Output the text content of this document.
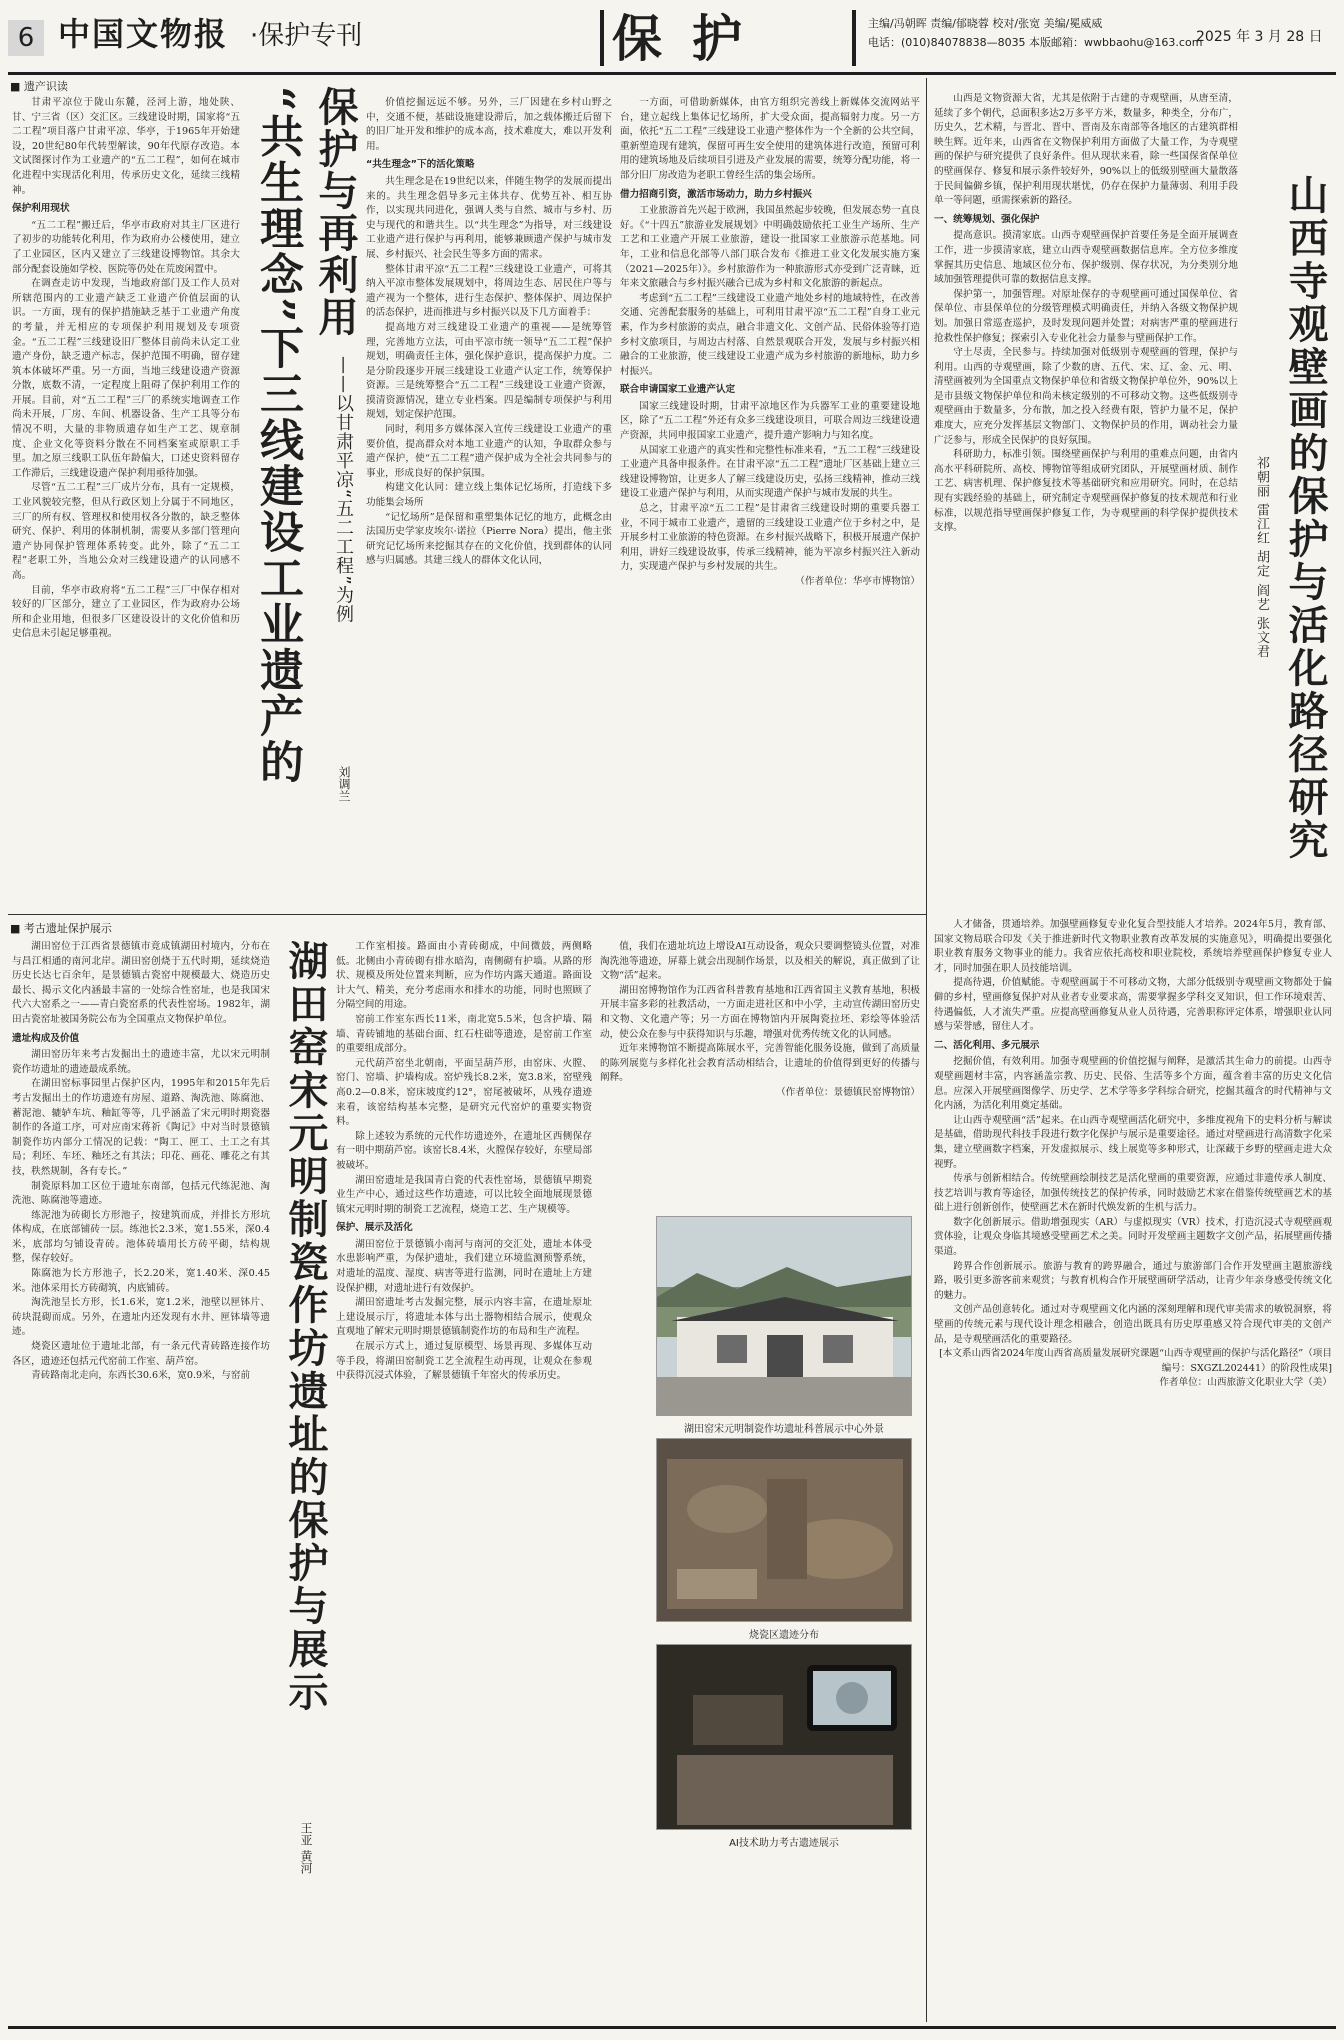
6 中国文物报 ·保护专刊	保护	主编/冯朝晖 责编/郁晓蓉 校对/张宽 美编/冕威威
电话：(010)84078838—8035 本版邮箱：wwbbaohu@163.com
2025 年 3 月 28 日
■ 遗产识读

甘肃平凉位于陇山东麓，泾河上游，地处陕、甘、宁三省（区）交汇区。三线建设时期，国家将“五二工程”项目落户甘肃平凉、华亭，于1965年开始建设，20世纪80年代转型解读，90年代原存改造。本文试图探讨作为工业遗产的“五二工程”，如何在城市化进程中实现活化利用，传承历史文化，延续三线精神。

保护利用现状

“五二工程”搬迁后，华亭市政府对其主厂区进行了初步的功能转化利用，作为政府办公楼使用，建立了工业园区，区内又建立了三线建设博物馆。其余大部分配套设施如学校、医院等仍处在荒废闲置中。

在调查走访中发现，当地政府部门及工作人员对所辖范围内的工业遗产缺乏工业遗产价值层面的认识。一方面，现有的保护措施缺乏基于工业遗产角度的考量，并无相应的专项保护利用规划及专项资金。“五二工程”三线建设旧厂整体目前尚未认定工业遗产身份，缺乏遗产标志，保护范围不明确，留存建筑本体破坏严重。另一方面，当地三线建设遗产资源分散，底数不清，一定程度上阻碍了保护利用工作的开展。目前，对“五二工程”三厂的系统实地调查工作尚未开展，厂房、车间、机器设备、生产工具等分布情况不明，大量的非物质遗存如生产工艺、规章制度、企业文化等资料分散在不同档案室或原职工手里。加之原三线职工队伍年龄偏大，口述史资料留存工作滞后，三线建设遗产保护利用亟待加强。

尽管“五二工程”三厂成片分布，具有一定规模，工业风貌较完整，但从行政区划上分属于不同地区，三厂的所有权、管理权和使用权各分散的，缺乏整体研究、保护、利用的体制机制，需要从多部门管理向遗产协同保护管理体系转变。此外，除了“五二工程”老职工外，当地公众对三线建设遗产的认同感不高。

目前，华亭市政府将“五二工程”三厂中保存相对较好的厂区部分，建立了工业园区，作为政府办公场所和企业用地，但很多厂区建设设计的文化价值和历史信息未引起足够重视。

保护与再利用
“共生理念”下三线建设工业遗产的 ——以甘肃平凉“五二工程”为例
刘调兰

价值挖掘远远不够。另外，三厂因建在乡村山野之中，交通不便，基础设施建设滞后，加之载体搬迁后留下的旧厂址开发和维护的成本高，技术难度大，难以开发利用。

“共生理念”下的活化策略

共生理念是在19世纪以来，伴随生物学的发展而提出来的。共生理念倡导多元主体共存、优势互补、相互协作，以实现共同进化，强调人类与自然、城市与乡村、历史与现代的和谐共生。以“共生理念”为指导，对三线建设工业遗产进行保护与再利用，能够兼顾遗产保护与城市发展、乡村振兴、社会民生等多方面的需求。

整体甘肃平凉“五二工程”三线建设工业遗产，可将其纳入平凉市整体发展规划中，将周边生态、居民住户等与遗产视为一个整体，进行生态保护、整体保护、周边保护的活态保护，进而推进与乡村振兴以及下几方面着手：

提高地方对三线建设工业遗产的重视——是统筹管理，完善地方立法，可由平凉市统一领导“五二工程”保护规划，明确责任主体，强化保护意识，提高保护力度。二是分阶段逐步开展三线建设工业遗产认定工作，统筹保护资源。三是统筹整合“五二工程”三线建设工业遗产资源，摸清资源情况，建立专业档案。四是编制专项保护与利用规划，划定保护范围。

同时，利用多方媒体深入宣传三线建设工业遗产的重要价值，提高群众对本地工业遗产的认知，争取群众参与遗产保护，使“五二工程”遗产保护成为全社会共同参与的事业，形成良好的保护氛围。

构建文化认同：建立线上集体记忆场所，打造线下多功能集会场所

“记忆场所”是保留和重塑集体记忆的地方，此概念由法国历史学家皮埃尔·诺拉（Pierre Nora）提出，他主张研究记忆场所来挖掘其存在的文化价值，找到群体的认同感与归属感。其建三线人的群体文化认同，

一方面，可借助新媒体，由官方组织完善线上新媒体交流网站平台，建立起线上集体记忆场所，扩大受众面，提高辐射力度。另一方面，依托“五二工程”三线建设工业遗产整体作为一个全新的公共空间，重新塑造现有建筑，保留可再生安全使用的建筑体进行改造，预留可利用的建筑场地及后续项目引进及产业发展的需要，统筹分配功能，将一部分旧厂房改造为老职工曾经生活的集会场所。

借力招商引资，激活市场动力，助力乡村振兴

工业旅游首先兴起于欧洲，我国虽然起步较晚，但发展态势一直良好。《“十四五”旅游业发展规划》中明确鼓励依托工业生产场所、生产工艺和工业遗产开展工业旅游，建设一批国家工业旅游示范基地。同年，工业和信息化部等八部门联合发布《推进工业文化发展实施方案（2021—2025年）》。乡村旅游作为一种旅游形式亦受到广泛青睐，近年来文旅融合与乡村振兴融合已成为乡村和文化旅游的新起点。

考虑到“五二工程”三线建设工业遗产地处乡村的地域特性，在改善交通、完善配套服务的基础上，可利用甘肃平凉“五二工程”自身工业元素，作为乡村旅游的卖点，融合非遗文化、文创产品、民俗体验等打造乡村文旅项目，与周边古村落、自然景观联合开发，发展与乡村振兴相融合的工业旅游，使三线建设工业遗产成为乡村旅游的新地标，助力乡村振兴。

联合申请国家工业遗产认定

国家三线建设时期，甘肃平凉地区作为兵器军工业的重要建设地区，除了“五二工程”外还有众多三线建设项目，可联合周边三线建设遗产资源，共同申报国家工业遗产，提升遗产影响力与知名度。

从国家工业遗产的真实性和完整性标准来看，“五二工程”三线建设工业遗产具备申报条件。在甘肃平凉“五二工程”遗址厂区基础上建立三线建设博物馆，让更多人了解三线建设历史，弘扬三线精神，推动三线建设工业遗产保护与利用，从而实现遗产保护与城市发展的共生。

总之，甘肃平凉“五二工程”是甘肃省三线建设时期的重要兵器工业，不同于城市工业遗产，遗留的三线建设工业遗产位于乡村之中，是开展乡村工业旅游的特色资源。在乡村振兴战略下，积极开展遗产保护利用，讲好三线建设故事，传承三线精神，能为平凉乡村振兴注入新动力，实现遗产保护与乡村发展的共生。

（作者单位：华亭市博物馆）

山西是文物资源大省，尤其是依附于古建的寺观壁画，从唐至清，延续了多个朝代，总面积多达2万多平方米，数量多，种类全，分布广，历史久，艺术精，与晋北、晋中、晋南及东南部等各地区的古建筑群相映生辉。近年来，山西省在文物保护利用方面做了大量工作，为寺观壁画的保护与研究提供了良好条件。但从现状来看，除一些国保省保单位的壁画保存、修复和展示条件较好外，90%以上的低级别壁画大量散落于民间偏僻乡镇，保护利用现状堪忧，仍存在保护力量薄弱、利用手段单一等问题，亟需探索新的路径。

一、统筹规划、强化保护

提高意识。摸清家底。山西寺观壁画保护首要任务是全面开展调查工作，进一步摸清家底，建立山西寺观壁画数据信息库。全方位多维度掌握其历史信息、地域区位分布、保护级别、保存状况，为分类别分地域加强管理提供可靠的数据信息支撑。

保护第一，加强管理。对原址保存的寺观壁画可通过国保单位、省保单位、市县保单位的分级管理模式明确责任，并纳入各级文物保护规划。加强日常巡查巡护，及时发现问题并处置；对病害严重的壁画进行抢救性保护修复；探索引入专业化社会力量参与壁画保护工作。

守土尽责，全民参与。持续加强对低级别寺观壁画的管理，保护与利用。山西的寺观壁画，除了少数的唐、五代、宋、辽、金、元、明、清壁画被列为全国重点文物保护单位和省级文物保护单位外，90%以上是市县级文物保护单位和尚未核定级别的不可移动文物。这些低级别寺观壁画由于数量多，分布散，加之投入经费有限，管护力量不足，保护难度大，应充分发挥基层文物部门、文物保护员的作用，调动社会力量广泛参与，形成全民保护的良好氛围。

科研助力，标准引领。围绕壁画保护与利用的重难点问题，由省内高水平科研院所、高校、博物馆等组成研究团队，开展壁画材质、制作工艺、病害机理、保护修复技术等基础研究和应用研究。同时，在总结现有实践经验的基础上，研究制定寺观壁画保护修复的技术规范和行业标准，以规范指导壁画保护修复工作，为寺观壁画的科学保护提供技术支撑。	山西寺观壁画的保护与活化路径研究
祁朝丽 雷江红 胡定 阎艺 张文君

人才储备，贯通培养。加强壁画修复专业化复合型技能人才培养。2024年5月，教育部、国家文物局联合印发《关于推进新时代文物职业教育改革发展的实施意见》，明确提出要强化职业教育服务文物事业的能力。我省应依托高校和职业院校，系统培养壁画保护修复专业人才，同时加强在职人员技能培训。

提高待遇，价值赋能。寺观壁画属于不可移动文物，大部分低级别寺观壁画文物都处于偏僻的乡村，壁画修复保护对从业者专业要求高，需要掌握多学科交叉知识，但工作环境艰苦、待遇偏低，人才流失严重。应提高壁画修复从业人员待遇，完善职称评定体系，增强职业认同感与荣誉感，留住人才。

二、活化利用、多元展示

挖掘价值，有效利用。加强寺观壁画的价值挖掘与阐释，是激活其生命力的前提。山西寺观壁画题材丰富，内容涵盖宗教、历史、民俗、生活等多个方面，蕴含着丰富的历史文化信息。应深入开展壁画图像学、历史学、艺术学等多学科综合研究，挖掘其蕴含的时代精神与文化内涵，为活化利用奠定基础。

让山西寺观壁画“活”起来。在山西寺观壁画活化研究中，多维度视角下的史料分析与解读是基础，借助现代科技手段进行数字化保护与展示是重要途径。通过对壁画进行高清数字化采集，建立壁画数字档案，开发虚拟展示、线上展览等多种形式，让深藏于乡野的壁画走进大众视野。

传承与创新相结合。传统壁画绘制技艺是活化壁画的重要资源，应通过非遗传承人制度、技艺培训与教育等途径，加强传统技艺的保护传承，同时鼓励艺术家在借鉴传统壁画艺术的基础上进行创新创作，使壁画艺术在新时代焕发新的生机与活力。

数字化创新展示。借助增强现实（AR）与虚拟现实（VR）技术，打造沉浸式寺观壁画观赏体验，让观众身临其境感受壁画艺术之美。同时开发壁画主题数字文创产品，拓展壁画传播渠道。

跨界合作创新展示。旅游与教育的跨界融合，通过与旅游部门合作开发壁画主题旅游线路，吸引更多游客前来观赏；与教育机构合作开展壁画研学活动，让青少年亲身感受传统文化的魅力。

文创产品创意转化。通过对寺观壁画文化内涵的深刻理解和现代审美需求的敏锐洞察，将壁画的传统元素与现代设计理念相融合，创造出既具有历史厚重感又符合现代审美的文创产品，是寺观壁画活化的重要路径。

[本文系山西省2024年度山西省高质量发展研究课题“山西寺观壁画的保护与活化路径”（项目编号：SXGZL202441）的阶段性成果]

作者单位：山西旅游文化职业大学（美）

■ 考古遗址保护展示

湖田窑位于江西省景德镇市竟成镇湖田村境内，分布在与昌江相通的南河北岸。湖田窑创烧于五代时期，延续烧造历史长达七百余年，是景德镇古瓷窑中规模最大、烧造历史最长、揭示文化内涵最丰富的一处综合性窑址，也是我国宋代六大窑系之一——青白瓷窑系的代表性窑场。1982年，湖田古瓷窑址被国务院公布为全国重点文物保护单位。

遗址构成及价值

湖田窑历年来考古发掘出土的遗迹丰富，尤以宋元明制瓷作坊遗址的遗迹最成系统。

在湖田窑标事园里占保护区内，1995年和2015年先后考古发掘出土的作坊遗迹有房屋、道路、淘洗池、陈腐池、蓄泥池、辘轳车坑、釉缸等等，几乎涵盖了宋元明时期瓷器制作的各道工序，可对应南宋蒋祈《陶记》中对当时景德镇制瓷作坊内部分工情况的记载：“陶工、匣工、土工之有其局；利坯、车坯、釉坯之有其法；印花、画花、雕花之有其技，秩然规制，各有专长。”

制瓷原料加工区位于遗址东南部，包括元代练泥池、淘洗池、陈腐池等遗迹。

练泥池为砖砌长方形池子，按建筑而成，并排长方形坑体构成，在底部铺砖一层。练池长2.3米，宽1.55米，深0.4米，底部均匀铺设青砖。池体砖墙用长方砖平砌，结构规整，保存较好。

陈腐池为长方形池子，长2.20米，宽1.40米、深0.45米。池体采用长方砖砌筑，内底铺砖。

淘洗池呈长方形，长1.6米，宽1.2米，池壁以匣钵片、砖块混砌而成。另外，在遗址内还发现有水井、匣钵墙等遗迹。

烧瓷区遗址位于遗址北部，有一条元代青砖路连接作坊各区，遗迹还包括元代窑前工作室、葫芦窑。

青砖路南北走向，东西长30.6米，宽0.9米，与窑前 湖田窑宋元明制瓷作坊遗址的保护与展示
王亚 黄河

工作室相接。路面由小青砖砌成，中间微鼓，两侧略低。北侧由小青砖砌有排水暗沟，南侧砌有护墙。从路的形状、规模及所处位置来判断，应为作坊内露天通道。路面设计大气、精美，充分考虑雨水和排水的功能，同时也照顾了分隔空间的用途。

窑前工作室东西长11米，南北宽5.5米，包含护墙、隔墙、青砖铺地的基础台面、红石柱础等遗迹，是窑前工作室的重要组成部分。

元代葫芦窑坐北朝南，平面呈葫芦形，由窑床、火膛、窑门、窑墙、护墙构成。窑炉残长8.2米，宽3.8米，窑壁残高0.2—0.8米，窑床坡度约12°，窑尾被破坏，从残存遗迹来看，该窑结构基本完整，是研究元代窑炉的重要实物资料。

除上述较为系统的元代作坊遗迹外，在遗址区西侧保存有一明中期葫芦窑。该窑长8.4米，火膛保存较好，东壁局部被破坏。

湖田窑遗址是我国青白瓷的代表性窑场，景德镇早期瓷业生产中心，通过这些作坊遗迹，可以比较全面地展现景德镇宋元明时期的制瓷工艺流程，烧造工艺、生产规模等。

保护、展示及活化

湖田窑位于景德镇小南河与南河的交汇处，遗址本体受水患影响严重，为保护遗址，我们建立环境监测预警系统，对遗址的温度、湿度、病害等进行监测，同时在遗址上方建设保护棚，对遗址进行有效保护。

湖田窑遗址考古发掘完整，展示内容丰富，在遗址原址上建设展示厅，将遗址本体与出土器物相结合展示，使观众直观地了解宋元明时期景德镇制瓷作坊的布局和生产流程。

在展示方式上，通过复原模型、场景再现、多媒体互动等手段，将湖田窑制瓷工艺全流程生动再现，让观众在参观中获得沉浸式体验，了解景德镇千年窑火的传承历史。

值，我们在遗址坑边上增设AI互动设备，观众只要调整镜头位置，对准淘洗池等遗迹，屏幕上就会出现制作场景，以及相关的解说，真正做到了让文物“活”起来。

湖田窑博物馆作为江西省科普教育基地和江西省国主义教育基地，积极开展丰富多彩的社教活动，一方面走进社区和中小学，主动宣传湖田窑历史和文物、文化遗产等；另一方面在博物馆内开展陶瓷拉坯、彩绘等体验活动，使公众在参与中获得知识与乐趣，增强对优秀传统文化的认同感。

近年来博物馆不断提高陈展水平，完善智能化服务设施，做到了高质量的陈列展览与多样化社会教育活动相结合，让遗址的价值得到更好的传播与阐释。

（作者单位：景德镇民窑博物馆）

湖田窑宋元明制瓷作坊遗址科普展示中心外景
烧瓷区遗迹分布
AI技术助力考古遗迹展示
